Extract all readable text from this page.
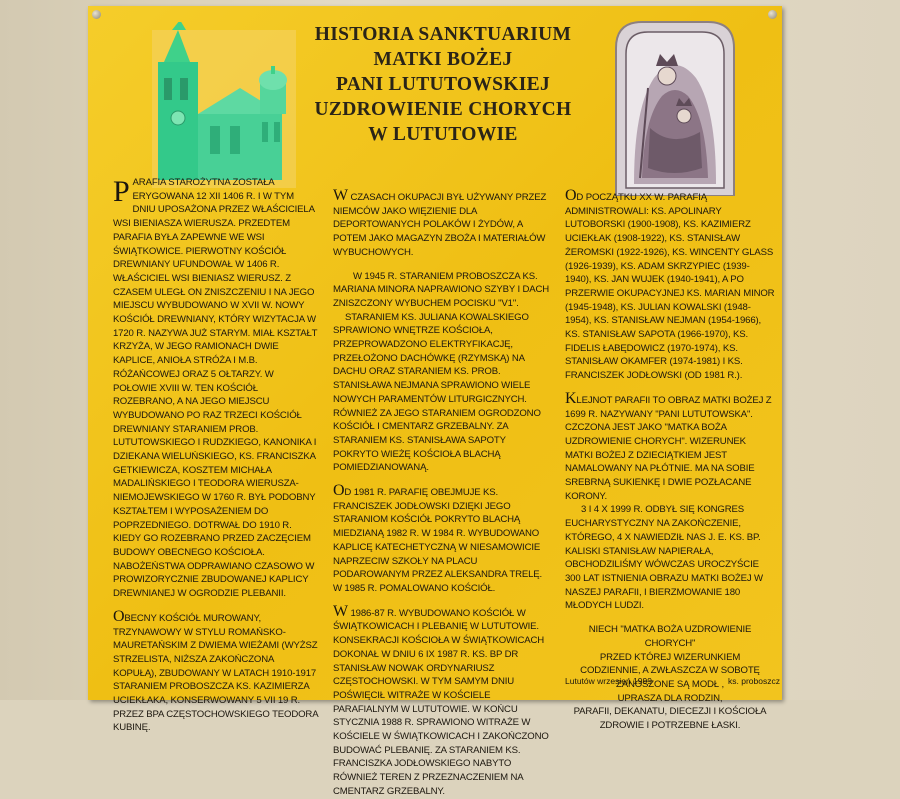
HISTORIA SANKTUARIUM
MATKI BOŻEJ
PANI LUTUTOWSKIEJ
UZDROWIENIE CHORYCH
W LUTUTOWIE

PARAFIA STAROŻYTNA ZOSTAŁA ERYGOWANA 12 XII 1406 R. I W TYM DNIU UPOSAŻONA PRZEZ WŁAŚCICIELA WSI BIENIASZA WIERUSZA. PRZEDTEM PARAFIA BYŁA ZAPEWNE WE WSI ŚWIĄTKOWICE. PIERWOTNY KOŚCIÓŁ DREWNIANY UFUNDOWAŁ W 1406 R. WŁAŚCICIEL WSI BIENIASZ WIERUSZ. Z CZASEM ULEGŁ ON ZNISZCZENIU I NA JEGO MIEJSCU WYBUDOWANO W XVII W. NOWY KOŚCIÓŁ DREWNIANY, KTÓRY WIZYTACJA W 1720 R. NAZYWA JUŻ STARYM. MIAŁ KSZTAŁT KRZYŻA, W JEGO RAMIONACH DWIE KAPLICE, ANIOŁA STRÓŻA I M.B. RÓŻAŃCOWEJ ORAZ 5 OŁTARZY. W POŁOWIE XVIII W. TEN KOŚCIÓŁ ROZEBRANO, A NA JEGO MIEJSCU WYBUDOWANO PO RAZ TRZECI KOŚCIÓŁ DREWNIANY STARANIEM PROB. LUTUTOWSKIEGO I RUDZKIEGO, KANONIKA I DZIEKANA WIELUŃSKIEGO, KS. FRANCISZKA GETKIEWICZA, KOSZTEM MICHAŁA MADALIŃSKIEGO I TEODORA WIERUSZA-NIEMOJEWSKIEGO W 1760 R. BYŁ PODOBNY KSZTAŁTEM I WYPOSAŻENIEM DO POPRZEDNIEGO. DOTRWAŁ DO 1910 R. KIEDY GO ROZEBRANO PRZED ZACZĘCIEM BUDOWY OBECNEGO KOŚCIOŁA. NABOŻEŃSTWA ODPRAWIANO CZASOWO W PROWIZORYCZNIE ZBUDOWANEJ KAPLICY DREWNIANEJ W OGRODZIE PLEBANII.

OBECNY KOŚCIÓŁ MUROWANY, TRZYNAWOWY W STYLU ROMAŃSKO-MAURETAŃSKIM Z DWIEMA WIEŻAMI (WYŻSZ STRZELISTA, NIŻSZA ZAKOŃCZONA KOPUŁĄ), ZBUDOWANY W LATACH 1910-1917 STARANIEM PROBOSZCZA KS. KAZIMIERZA UCIEKŁAKA, KONSERWOWANY 5 VII 19 R. PRZEZ BPA CZĘSTOCHOWSKIEGO TEODORA KUBINĘ.

W CZASACH OKUPACJI BYŁ UŻYWANY PRZEZ NIEMCÓW JAKO WIĘZIENIE DLA DEPORTOWANYCH POLAKÓW I ŻYDÓW, A POTEM JAKO MAGAZYN ZBOŻA I MATERIAŁÓW WYBUCHOWYCH.

W 1945 R. STARANIEM PROBOSZCZA KS. MARIANA MINORA NAPRAWIONO SZYBY I DACH ZNISZCZONY WYBUCHEM POCISKU "V1".

STARANIEM KS. JULIANA KOWALSKIEGO SPRAWIONO WNĘTRZE KOŚCIOŁA, PRZEPROWADZONO ELEKTRYFIKACJĘ, PRZEŁOŻONO DACHÓWKĘ (RZYMSKĄ) NA DACHU ORAZ STARANIEM KS. PROB. STANISŁAWA NEJMANA SPRAWIONO WIELE NOWYCH PARAMENTÓW LITURGICZNYCH. RÓWNIEŻ ZA JEGO STARANIEM OGRODZONO KOŚCIÓŁ I CMENTARZ GRZEBALNY. ZA STARANIEM KS. STANISŁAWA SAPOTY POKRYTO WIEŻĘ KOŚCIOŁA BLACHĄ POMIEDZIANOWANĄ.

OD 1981 R. PARAFIĘ OBEJMUJE KS. FRANCISZEK JODŁOWSKI DZIĘKI JEGO STARANIOM KOŚCIÓŁ POKRYTO BLACHĄ MIEDZIANĄ 1982 R. W 1984 R. WYBUDOWANO KAPLICĘ KATECHETYCZNĄ W NIESAMOWICIE NAPRZECIW SZKOŁY NA PLACU PODAROWANYM PRZEZ ALEKSANDRA TRELĘ. W 1985 R. POMALOWANO KOŚCIÓŁ.

W 1986-87 R. WYBUDOWANO KOŚCIÓŁ W ŚWIĄTKOWICACH I PLEBANIĘ W LUTUTOWIE. KONSEKRACJI KOŚCIOŁA W ŚWIĄTKOWICACH DOKONAŁ W DNIU 6 IX 1987 R. KS. BP DR STANISŁAW NOWAK ORDYNARIUSZ CZĘSTOCHOWSKI. W TYM SAMYM DNIU POŚWIĘCIŁ WITRAŻE W KOŚCIELE PARAFIALNYM W LUTUTOWIE. W KOŃCU STYCZNIA 1988 R. SPRAWIONO WITRAŻE W KOŚCIELE W ŚWIĄTKOWICACH I ZAKOŃCZONO BUDOWAĆ PLEBANIĘ. ZA STARANIEM KS. FRANCISZKA JODŁOWSKIEGO NABYTO RÓWNIEŻ TEREN Z PRZEZNACZENIEM NA CMENTARZ GRZEBALNY.

OD POCZĄTKU XX W. PARAFIĄ ADMINISTROWALI: KS. APOLINARY LUTOBORSKI (1900-1908), KS. KAZIMIERZ UCIEKŁAK (1908-1922), KS. STANISŁAW ŻEROMSKI (1922-1926), KS. WINCENTY GLASS (1926-1939), KS. ADAM SKRZYPIEC (1939-1940), KS. JAN WUJEK (1940-1941), A PO PRZERWIE OKUPACYJNEJ KS. MARIAN MINOR (1945-1948), KS. JULIAN KOWALSKI (1948-1954), KS. STANISŁAW NEJMAN (1954-1966), KS. STANISŁAW SAPOTA (1966-1970), KS. FIDELIS ŁABĘDOWICZ (1970-1974), KS. STANISŁAW OKAMFER (1974-1981) I KS. FRANCISZEK JODŁOWSKI (OD 1981 R.).

KLEJNOT PARAFII TO OBRAZ MATKI BOŻEJ Z 1699 R. NAZYWANY "PANI LUTUTOWSKA". CZCZONA JEST JAKO "MATKA BOŻA UZDROWIENIE CHORYCH". WIZERUNEK MATKI BOŻEJ Z DZIECIĄTKIEM JEST NAMALOWANY NA PŁÓTNIE. MA NA SOBIE SREBRNĄ SUKIENKĘ I DWIE POZŁACANE KORONY.

3 I 4 X 1999 R. ODBYŁ SIĘ KONGRES EUCHARYSTYCZNY NA ZAKOŃCZENIE, KTÓREGO, 4 X NAWIEDZIŁ NAS J. E. KS. BP. KALISKI STANISŁAW NAPIERAŁA, OBCHODZILIŚMY WÓWCZAS UROCZYŚCIE 300 LAT ISTNIENIA OBRAZU MATKI BOŻEJ W NASZEJ PARAFII, I BIERZMOWANIE 180 MŁODYCH LUDZI.

NIECH "MATKA BOŻA UZDROWIENIE CHORYCH"
PRZED KTÓREJ WIZERUNKIEM
CODZIENNIE, A ZWŁASZCZA W SOBOTĘ
ZANOSZONE SĄ MODŁ ,
UPRASZA DLA RODZIN,
PARAFII, DEKANATU, DIECEZJI I KOŚCIOŁA
ZDROWIE I POTRZEBNE ŁASKI.
Lututów wrzesień 1999	ks. proboszcz
